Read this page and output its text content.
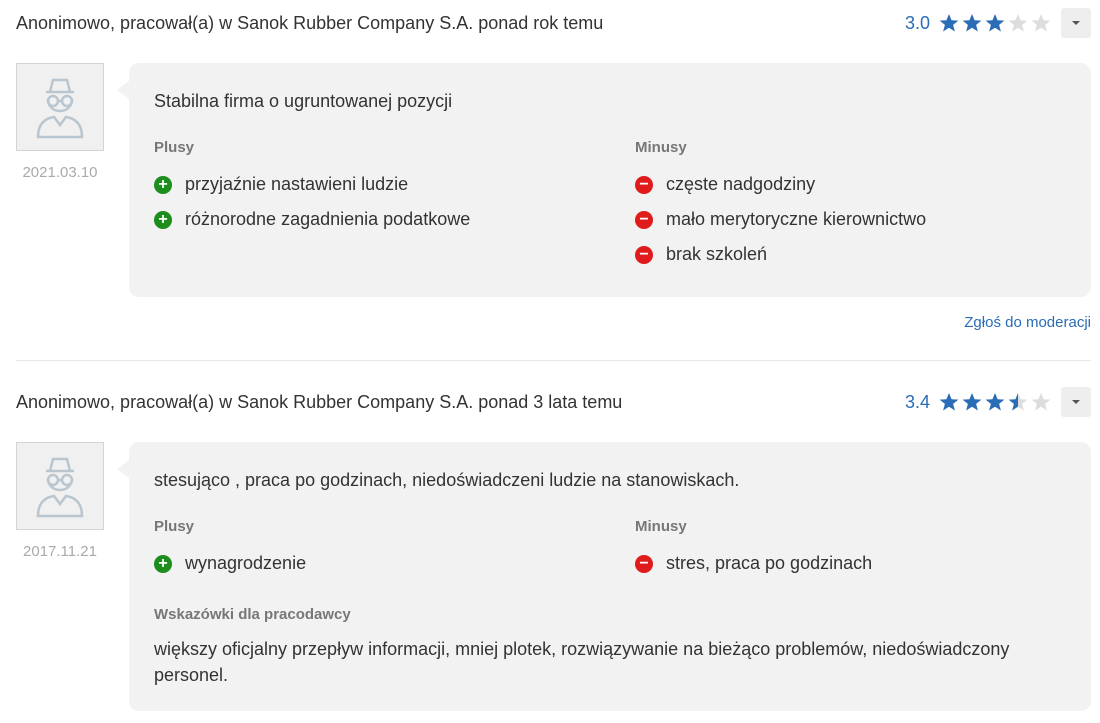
Anonimowo, pracował(a) w Sanok Rubber Company S.A. ponad rok temu	3.0
2021.03.10
Stabilna firma o ugruntowanej pozycji
Plusy	Minusy
+ przyjaźnie nastawieni ludzie
+ różnorodne zagadnienia podatkowe
− częste nadgodziny
− mało merytoryczne kierownictwo
− brak szkoleń
Zgłoś do moderacji
Anonimowo, pracował(a) w Sanok Rubber Company S.A. ponad 3 lata temu	3.4
2017.11.21
stesująco , praca po godzinach, niedoświadczeni ludzie na stanowiskach.
Plusy	Minusy
+ wynagrodzenie	− stres, praca po godzinach
Wskazówki dla pracodawcy
większy oficjalny przepływ informacji, mniej plotek, rozwiązywanie na bieżąco problemów, niedoświadczony personel.
